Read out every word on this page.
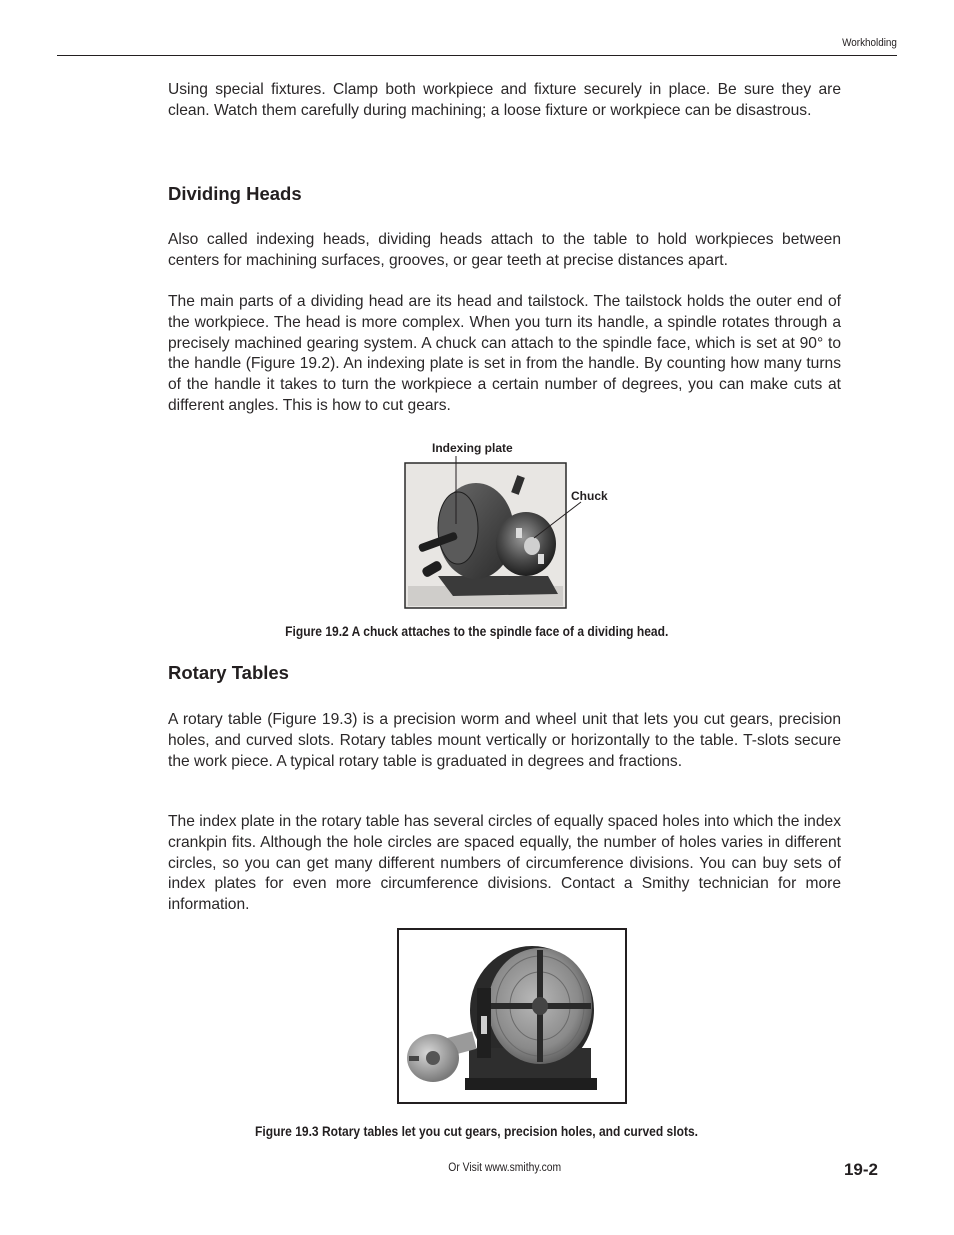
Workholding

Using special fixtures. Clamp both workpiece and fixture securely in place. Be sure they are clean. Watch them carefully during machining; a loose fixture or workpiece can be disastrous.

Dividing Heads

Also called indexing heads, dividing heads attach to the table to hold workpieces between centers for machining surfaces, grooves, or gear teeth at precise distances apart.

The main parts of a dividing head are its head and tailstock. The tailstock holds the outer end of the workpiece. The head is more complex. When you turn its handle, a spindle rotates through a precisely machined gearing system. A chuck can attach to the spindle face, which is set at 90° to the handle (Figure 19.2). An indexing plate is set in from the handle. By counting how many turns of the handle it takes to turn the workpiece a certain number of degrees, you can make cuts at different angles. This is how to cut gears.

Indexing plate
Chuck

Figure 19.2 A chuck attaches to the spindle face of a dividing head.

Rotary Tables

A rotary table (Figure 19.3) is a precision worm and wheel unit that lets you cut gears, precision holes, and curved slots. Rotary tables mount vertically or horizontally to the table. T-slots secure the work piece. A typical rotary table is graduated in degrees and fractions.

The index plate in the rotary table has several circles of equally spaced holes into which the index crankpin fits. Although the hole circles are spaced equally, the number of holes varies in different circles, so you can get many different numbers of circumference divisions. You can buy sets of index plates for even more circumference divisions. Contact a Smithy technician for more information.

Figure 19.3 Rotary tables let you cut gears, precision holes, and curved slots.

Or Visit www.smithy.com	19-2
